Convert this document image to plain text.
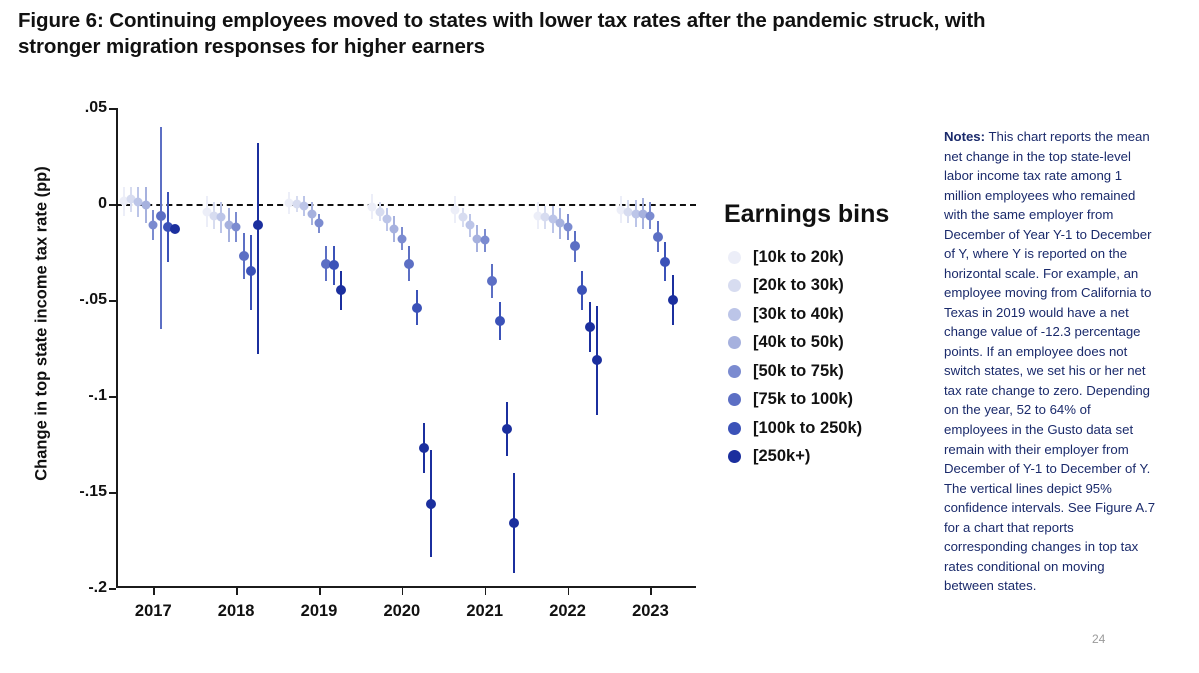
Figure 6: Continuing employees moved to states with lower tax rates after the pandemic struck, with stronger migration responses for higher earners
Change in top state income tax rate (pp)
.05
0
-.05
-.1
-.15
-.2
2017	2018	2019	2020	2021	2022	2023
Earnings bins
[10k to 20k)
[20k to 30k)
[30k to 40k)
[40k to 50k)
[50k to 75k)
[75k to 100k)
[100k to 250k)
[250k+)
Notes: This chart reports the mean net change in the top state-level labor income tax rate among 1 million employees who remained with the same employer from December of Year Y-1 to December of Y, where Y is reported on the horizontal scale. For example, an employee moving from California to Texas in 2019 would have a net change value of -12.3 percentage points. If an employee does not switch states, we set his or her net tax rate change to zero. Depending on the year, 52 to 64% of employees in the Gusto data set remain with their employer from December of Y-1 to December of Y. The vertical lines depict 95% confidence intervals. See Figure A.7 for a chart that reports corresponding changes in top tax rates conditional on moving between states.
24
